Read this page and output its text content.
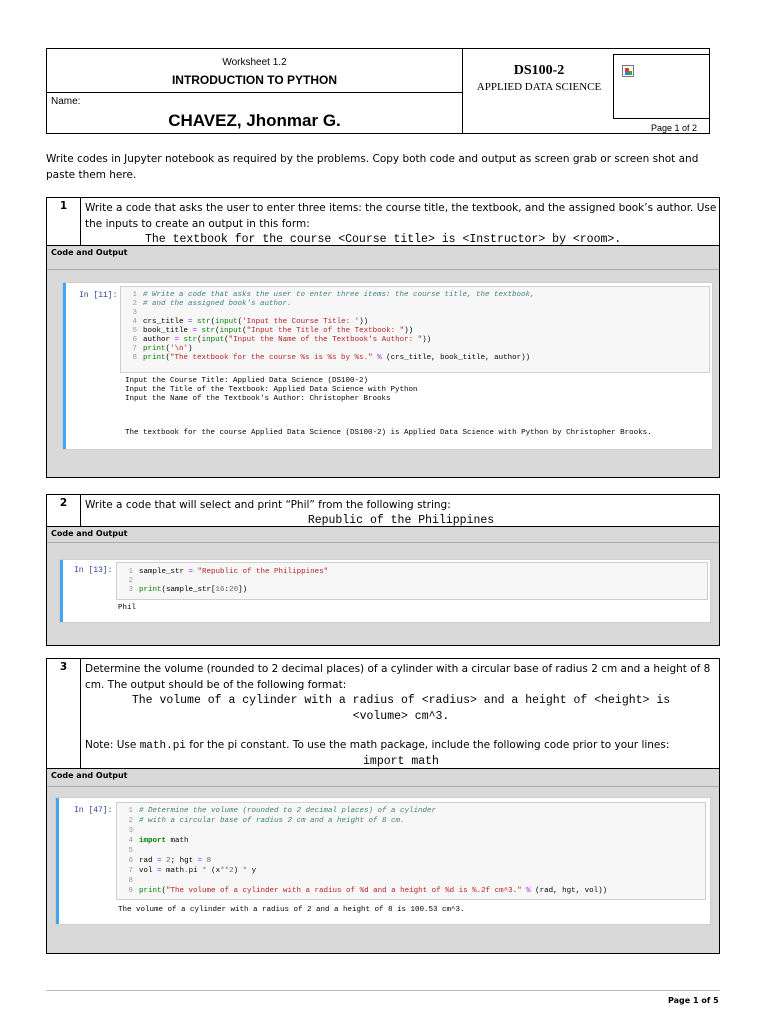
Worksheet 1.2
INTRODUCTION TO PYTHON
Name:
CHAVEZ, Jhonmar G.
DS100-2
APPLIED DATA SCIENCE
Page 1 of 2
Write codes in Jupyter notebook as required by the problems. Copy both code and output as screen grab or screen shot and paste them here.
1	Write a code that asks the user to enter three items: the course title, the textbook, and the assigned book’s author. Use the inputs to create an output in this form:
The textbook for the course <Course title> is <Instructor> by <room>.
Code and Output
In [11]:	1 # Write a code that asks the user to enter three items: the course title, the textbook,
2 # and the assigned book's author.
3
4 crs_title = str(input('Input the Course Title: '))
5 book_title = str(input("Input the Title of the Textbook: "))
6 author = str(input("Input the Name of the Textbook's Author: "))
7 print('\n')
8 print("The textbook for the course %s is %s by %s." % (crs_title, book_title, author))
Input the Course Title: Applied Data Science (DS100-2)
Input the Title of the Textbook: Applied Data Science with Python
Input the Name of the Textbook's Author: Christopher Brooks
The textbook for the course Applied Data Science (DS100-2) is Applied Data Science with Python by Christopher Brooks.
2	Write a code that will select and print “Phil” from the following string:
Republic of the Philippines
Code and Output
In [13]:	1 sample_str = "Republic of the Philippines"
2
3 print(sample_str[16:20])
Phil
3	Determine the volume (rounded to 2 decimal places) of a cylinder with a circular base of radius 2 cm and a height of 8 cm. The output should be of the following format:
The volume of a cylinder with a radius of <radius> and a height of <height> is
<volume> cm^3.
Note: Use math.pi for the pi constant. To use the math package, include the following code prior to your lines:
import math
Code and Output
In [47]:	1 # Determine the volume (rounded to 2 decimal places) of a cylinder
2 # with a circular base of radius 2 cm and a height of 8 cm.
3
4 import math
5
6 rad = 2; hgt = 8
7 vol = math.pi * (x**2) * y
8
9 print("The volume of a cylinder with a radius of %d and a height of %d is %.2f cm^3." % (rad, hgt, vol))
The volume of a cylinder with a radius of 2 and a height of 8 is 100.53 cm^3.
Page 1 of 5
